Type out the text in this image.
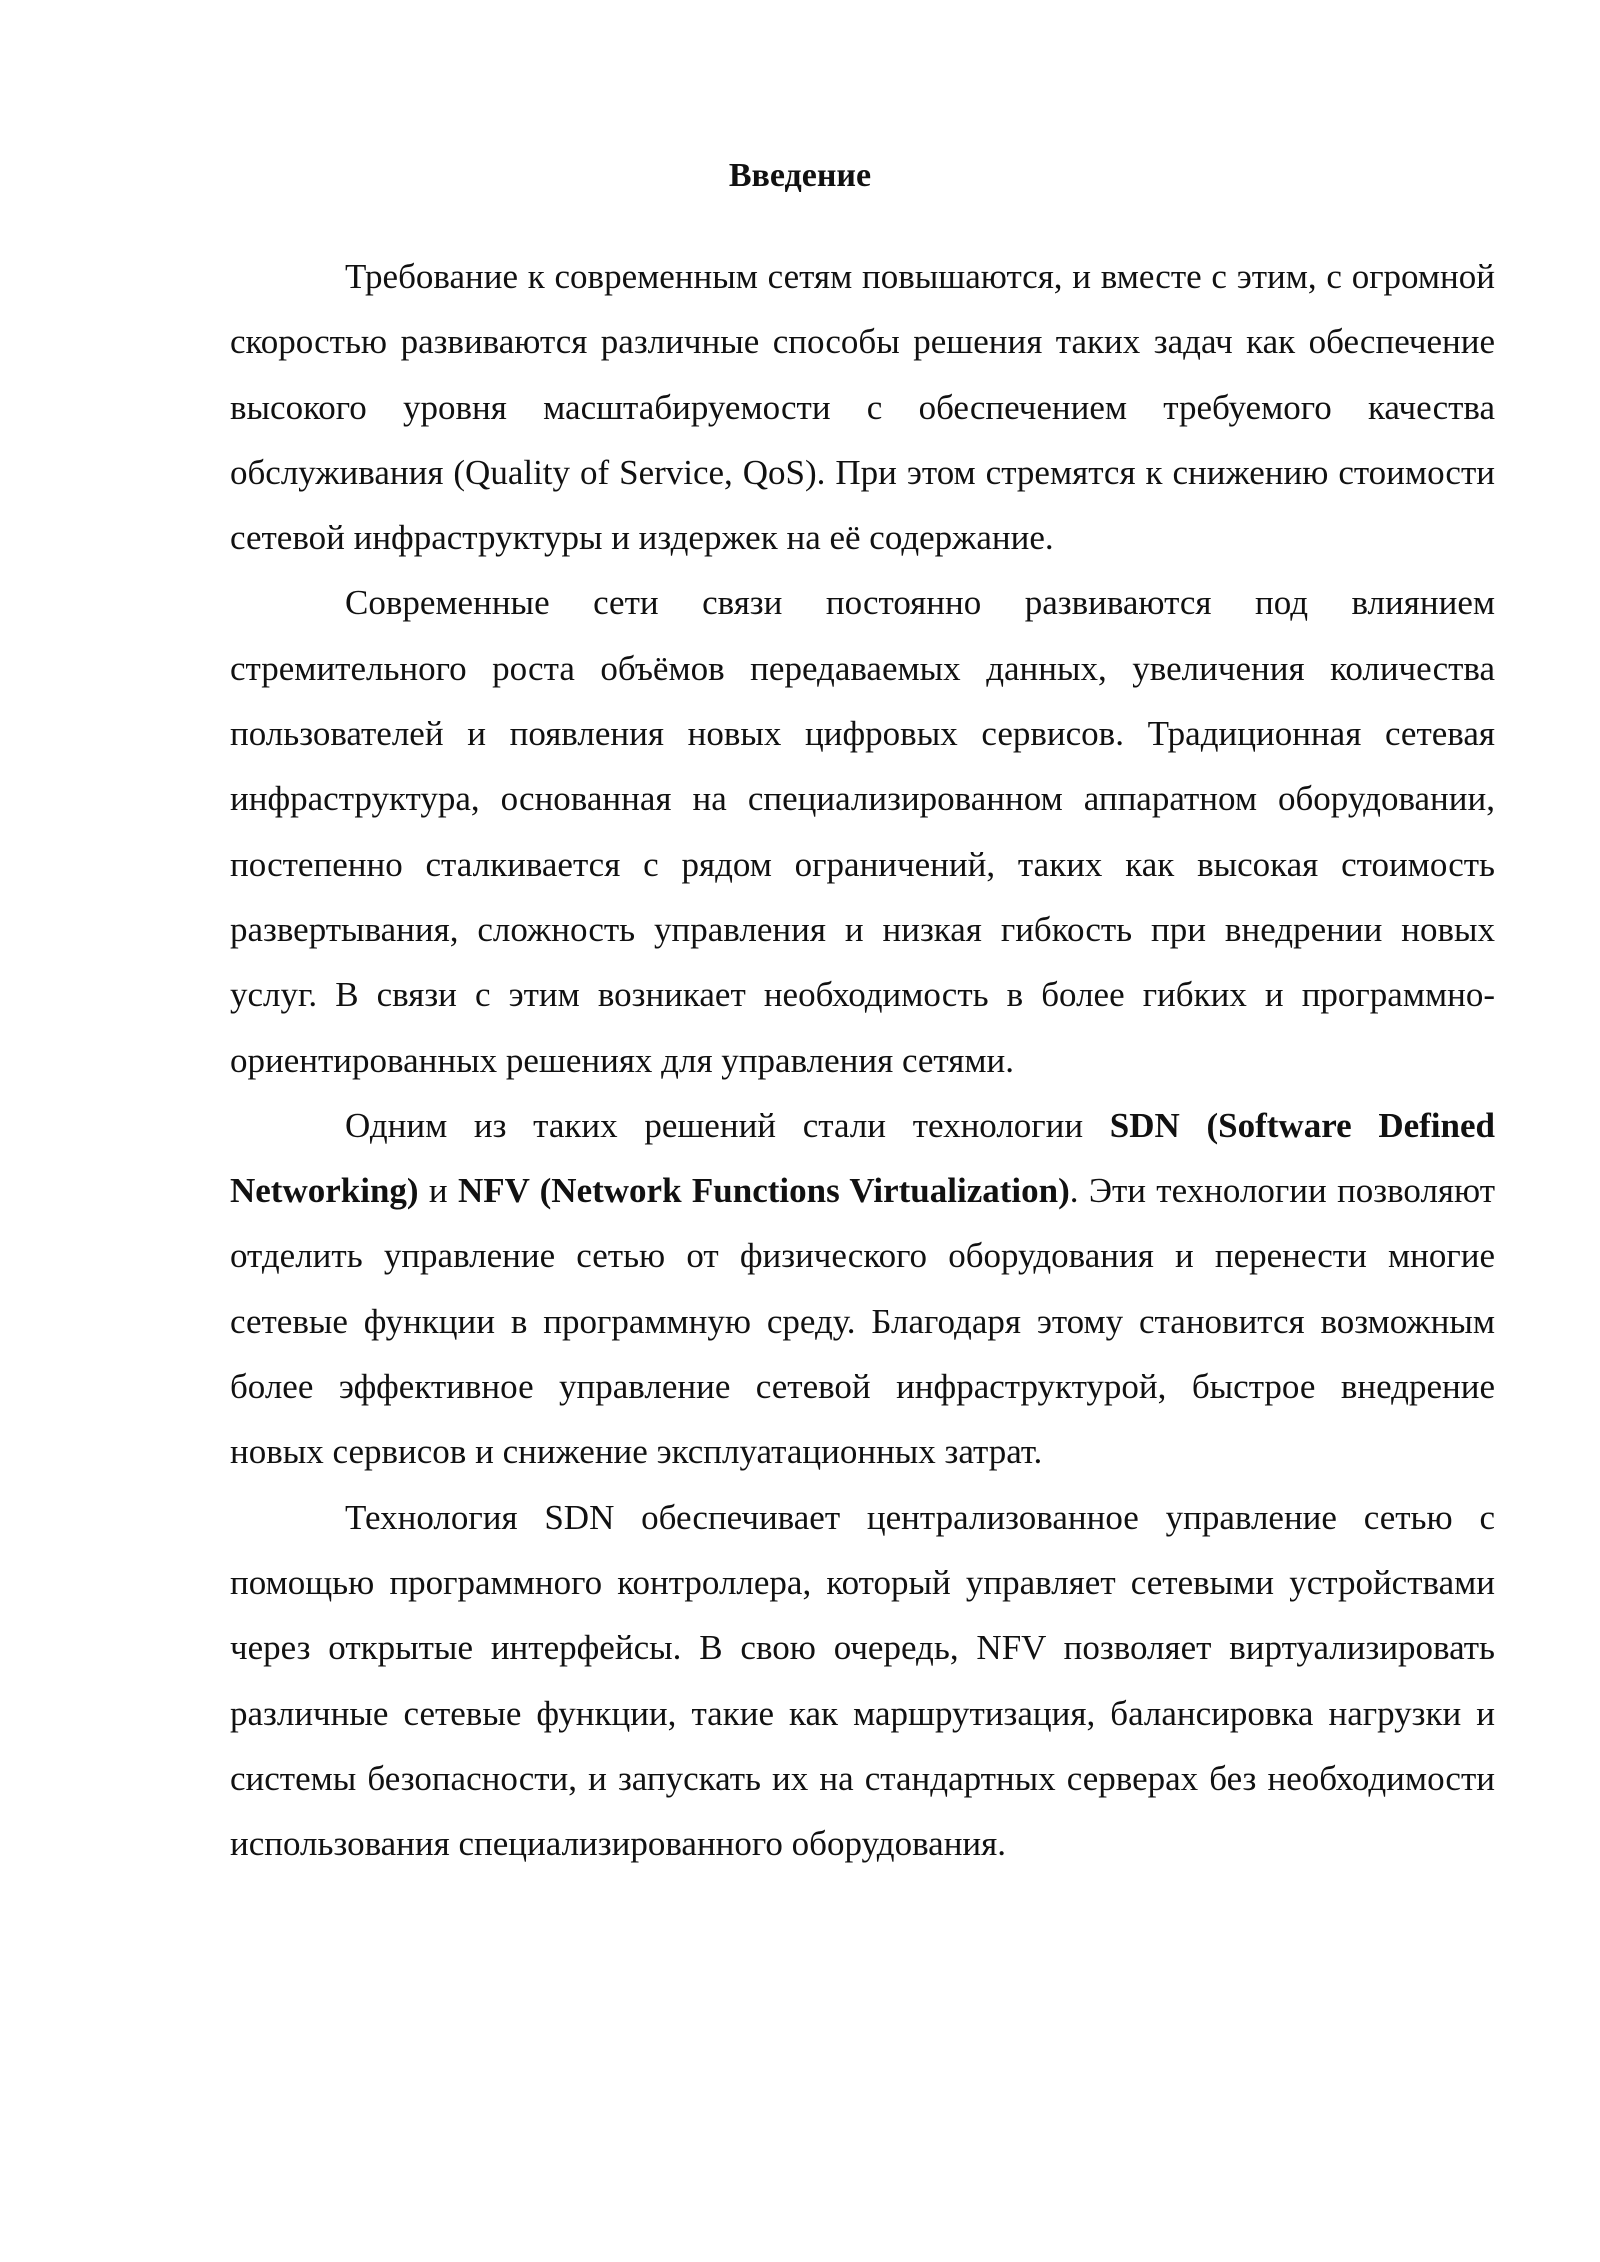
Введение

Требование к современным сетям повышаются, и вместе с этим, с огромной скоростью развиваются различные способы решения таких задач как обеспечение высокого уровня масштабируемости с обеспечением требуемого качества обслуживания (Quality of Service, QoS). При этом стремятся к снижению стоимости сетевой инфраструктуры и издержек на её содержание.

Современные сети связи постоянно развиваются под влиянием стремительного роста объёмов передаваемых данных, увеличения количества пользователей и появления новых цифровых сервисов. Традиционная сетевая инфраструктура, основанная на специализированном аппаратном оборудовании, постепенно сталкивается с рядом ограничений, таких как высокая стоимость развертывания, сложность управления и низкая гибкость при внедрении новых услуг. В связи с этим возникает необходимость в более гибких и программно-ориентированных решениях для управления сетями.

Одним из таких решений стали технологии SDN (Software Defined Networking) и NFV (Network Functions Virtualization). Эти технологии позволяют отделить управление сетью от физического оборудования и перенести многие сетевые функции в программную среду. Благодаря этому становится возможным более эффективное управление сетевой инфраструктурой, быстрое внедрение новых сервисов и снижение эксплуатационных затрат.

Технология SDN обеспечивает централизованное управление сетью с помощью программного контроллера, который управляет сетевыми устройствами через открытые интерфейсы. В свою очередь, NFV позволяет виртуализировать различные сетевые функции, такие как маршрутизация, балансировка нагрузки и системы безопасности, и запускать их на стандартных серверах без необходимости использования специализированного оборудования.
